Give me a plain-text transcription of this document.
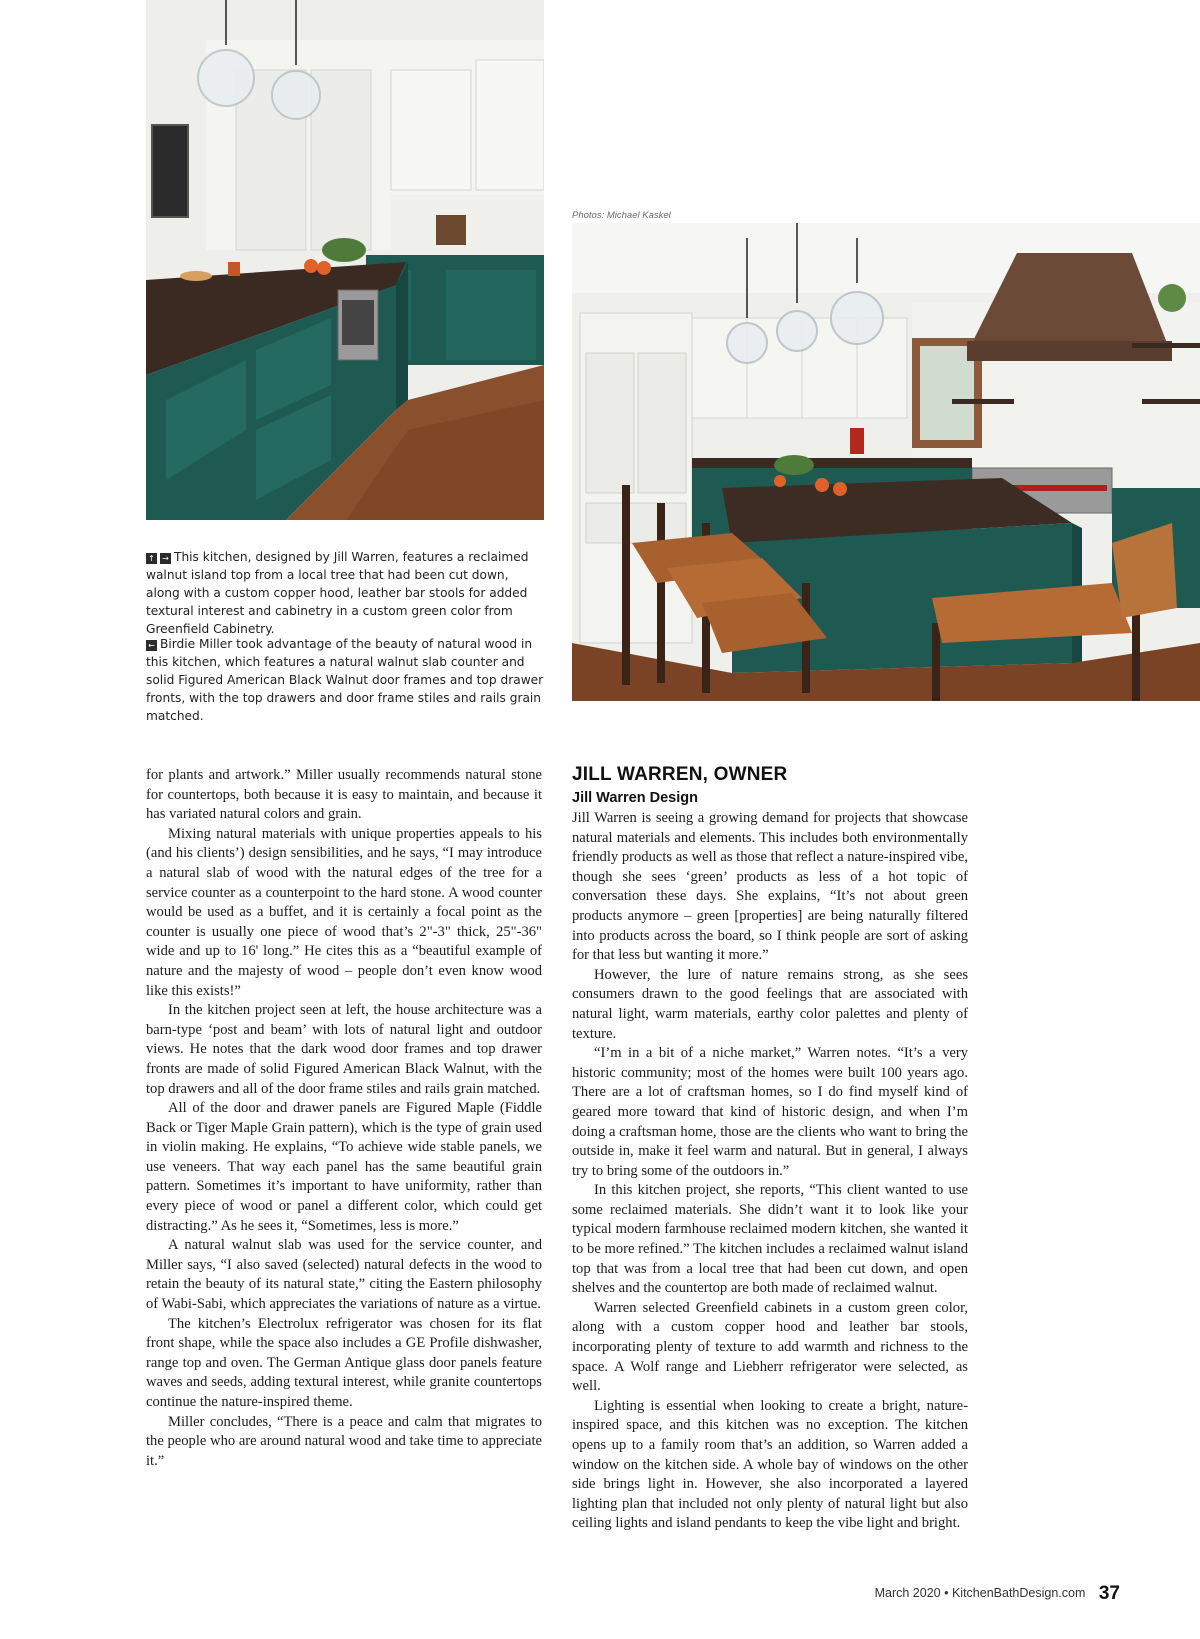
Photos: Michael Kaskel
↑ → This kitchen, designed by Jill Warren, features a reclaimed walnut island top from a local tree that had been cut down, along with a custom copper hood, leather bar stools for added textural interest and cabinetry in a custom green color from Greenfield Cabinetry.
← Birdie Miller took advantage of the beauty of natural wood in this kitchen, which features a natural walnut slab counter and solid Figured American Black Walnut door frames and top drawer fronts, with the top drawers and door frame stiles and rails grain matched.

for plants and artwork.” Miller usually recommends natural stone for countertops, both because it is easy to maintain, and because it has variated natural colors and grain.

Mixing natural materials with unique properties appeals to his (and his clients’) design sensibilities, and he says, “I may introduce a natural slab of wood with the natural edges of the tree for a service counter as a counterpoint to the hard stone. A wood counter would be used as a buffet, and it is certainly a focal point as the counter is usually one piece of wood that’s 2"-3" thick, 25"-36" wide and up to 16' long.” He cites this as a “beautiful example of nature and the majesty of wood – people don’t even know wood like this exists!”

In the kitchen project seen at left, the house architecture was a barn-type ‘post and beam’ with lots of natural light and outdoor views. He notes that the dark wood door frames and top drawer fronts are made of solid Figured American Black Walnut, with the top drawers and all of the door frame stiles and rails grain matched.

All of the door and drawer panels are Figured Maple (Fiddle Back or Tiger Maple Grain pattern), which is the type of grain used in violin making. He explains, “To achieve wide stable panels, we use veneers. That way each panel has the same beautiful grain pattern. Sometimes it’s important to have uniformity, rather than every piece of wood or panel a different color, which could get distracting.” As he sees it, “Sometimes, less is more.”

A natural walnut slab was used for the service counter, and Miller says, “I also saved (selected) natural defects in the wood to retain the beauty of its natural state,” citing the Eastern philosophy of Wabi-Sabi, which appreciates the variations of nature as a virtue.

The kitchen’s Electrolux refrigerator was chosen for its flat front shape, while the space also includes a GE Profile dishwasher, range top and oven. The German Antique glass door panels feature waves and seeds, adding textural interest, while granite countertops continue the nature-inspired theme.

Miller concludes, “There is a peace and calm that migrates to the people who are around natural wood and take time to appreciate it.”

JILL WARREN, OWNER
Jill Warren Design

Jill Warren is seeing a growing demand for projects that showcase natural materials and elements. This includes both environmentally friendly products as well as those that reflect a nature-inspired vibe, though she sees ‘green’ products as less of a hot topic of conversation these days. She explains, “It’s not about green products anymore – green [properties] are being naturally filtered into products across the board, so I think people are sort of asking for that less but wanting it more.”

However, the lure of nature remains strong, as she sees consumers drawn to the good feelings that are associated with natural light, warm materials, earthy color palettes and plenty of texture.

“I’m in a bit of a niche market,” Warren notes. “It’s a very historic community; most of the homes were built 100 years ago. There are a lot of craftsman homes, so I do find myself kind of geared more toward that kind of historic design, and when I’m doing a craftsman home, those are the clients who want to bring the outside in, make it feel warm and natural. But in general, I always try to bring some of the outdoors in.”

In this kitchen project, she reports, “This client wanted to use some reclaimed materials. She didn’t want it to look like your typical modern farmhouse reclaimed modern kitchen, she wanted it to be more refined.” The kitchen includes a reclaimed walnut island top that was from a local tree that had been cut down, and open shelves and the countertop are both made of reclaimed walnut.

Warren selected Greenfield cabinets in a custom green color, along with a custom copper hood and leather bar stools, incorporating plenty of texture to add warmth and richness to the space. A Wolf range and Liebherr refrigerator were selected, as well.

Lighting is essential when looking to create a bright, nature-inspired space, and this kitchen was no exception. The kitchen opens up to a family room that’s an addition, so Warren added a window on the kitchen side. A whole bay of windows on the other side brings light in. However, she also incorporated a layered lighting plan that included not only plenty of natural light but also ceiling lights and island pendants to keep the vibe light and bright.

March 2020 • KitchenBathDesign.com 37
